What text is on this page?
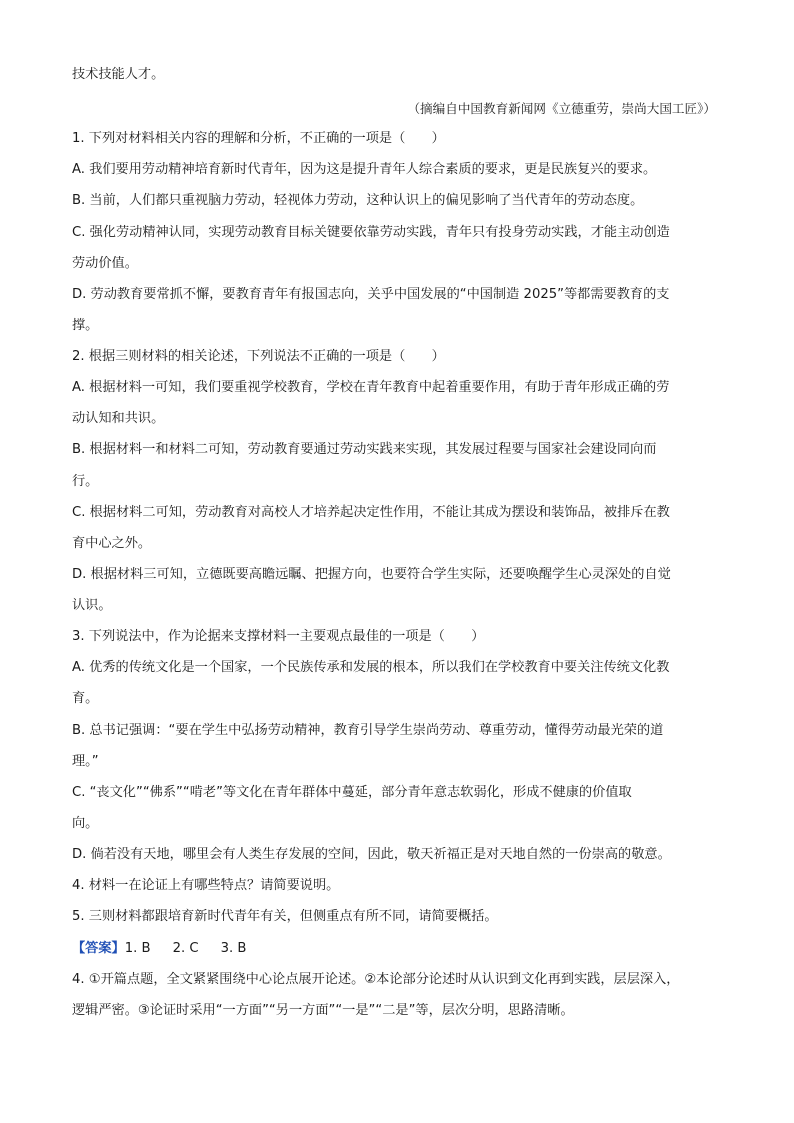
技术技能人才。
（摘编自中国教育新闻网《立德重劳，崇尚大国工匠》）
1. 下列对材料相关内容的理解和分析，不正确的一项是（　　）
A. 我们要用劳动精神培育新时代青年，因为这是提升青年人综合素质的要求，更是民族复兴的要求。
B. 当前，人们都只重视脑力劳动，轻视体力劳动，这种认识上的偏见影响了当代青年的劳动态度。
C. 强化劳动精神认同，实现劳动教育目标关键要依靠劳动实践，青年只有投身劳动实践，才能主动创造
劳动价值。
D. 劳动教育要常抓不懈，要教育青年有报国志向，关乎中国发展的“中国制造 2025”等都需要教育的支
撑。
2. 根据三则材料的相关论述，下列说法不正确的一项是（　　）
A. 根据材料一可知，我们要重视学校教育，学校在青年教育中起着重要作用，有助于青年形成正确的劳
动认知和共识。
B. 根据材料一和材料二可知，劳动教育要通过劳动实践来实现，其发展过程要与国家社会建设同向而
行。
C. 根据材料二可知，劳动教育对高校人才培养起决定性作用，不能让其成为摆设和装饰品，被排斥在教
育中心之外。
D. 根据材料三可知，立德既要高瞻远瞩、把握方向，也要符合学生实际，还要唤醒学生心灵深处的自觉
认识。
3. 下列说法中，作为论据来支撑材料一主要观点最佳的一项是（　　）
A. 优秀的传统文化是一个国家，一个民族传承和发展的根本，所以我们在学校教育中要关注传统文化教
育。
B. 总书记强调：“要在学生中弘扬劳动精神，教育引导学生崇尚劳动、尊重劳动，懂得劳动最光荣的道
理。”
C. “丧文化”“佛系”“啃老”等文化在青年群体中蔓延，部分青年意志软弱化，形成不健康的价值取
向。
D. 倘若没有天地，哪里会有人类生存发展的空间，因此，敬天祈福正是对天地自然的一份崇高的敬意。
4. 材料一在论证上有哪些特点？请简要说明。
5. 三则材料都跟培育新时代青年有关，但侧重点有所不同，请简要概括。
【答案】1. B 2. C 3. B
4. ①开篇点题，全文紧紧围绕中心论点展开论述。②本论部分论述时从认识到文化再到实践，层层深入，
逻辑严密。③论证时采用“一方面”“另一方面”“一是”“二是”等，层次分明，思路清晰。
